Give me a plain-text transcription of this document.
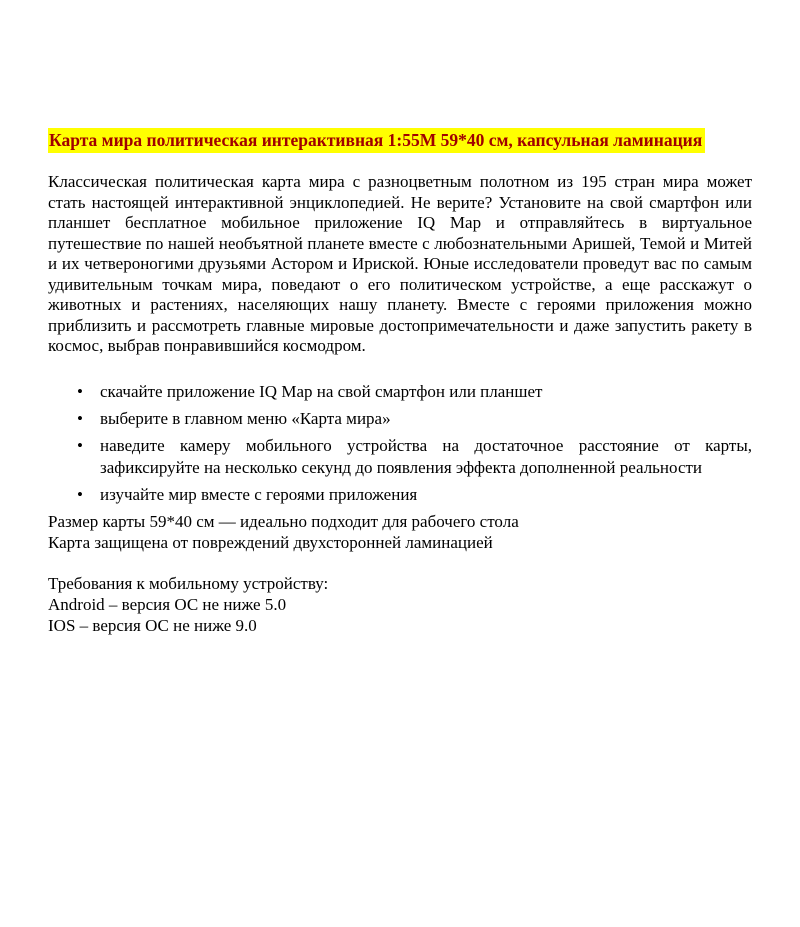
Карта мира политическая интерактивная 1:55М 59*40 см, капсульная ламинация

Классическая политическая карта мира с разноцветным полотном из 195 стран мира может стать настоящей интерактивной энциклопедией. Не верите? Установите на свой смартфон или планшет бесплатное мобильное приложение IQ Map и отправляйтесь в виртуальное путешествие по нашей необъятной планете вместе с любознательными Аришей, Темой и Митей и их четвероногими друзьями Астором и Ириской. Юные исследователи проведут вас по самым удивительным точкам мира, поведают о его политическом устройстве, а еще расскажут о животных и растениях, населяющих нашу планету. Вместе с героями приложения можно приблизить и рассмотреть главные мировые достопримечательности и даже запустить ракету в космос, выбрав понравившийся космодром.

• скачайте приложение IQ Map на свой смартфон или планшет
• выберите в главном меню «Карта мира»
• наведите камеру мобильного устройства на достаточное расстояние от карты, зафиксируйте на несколько секунд до появления эффекта дополненной реальности
• изучайте мир вместе с героями приложения

Размер карты 59*40 см — идеально подходит для рабочего стола

Карта защищена от повреждений двухсторонней ламинацией

Требования к мобильному устройству:

Android – версия ОС не ниже 5.0

IOS – версия ОС не ниже 9.0
